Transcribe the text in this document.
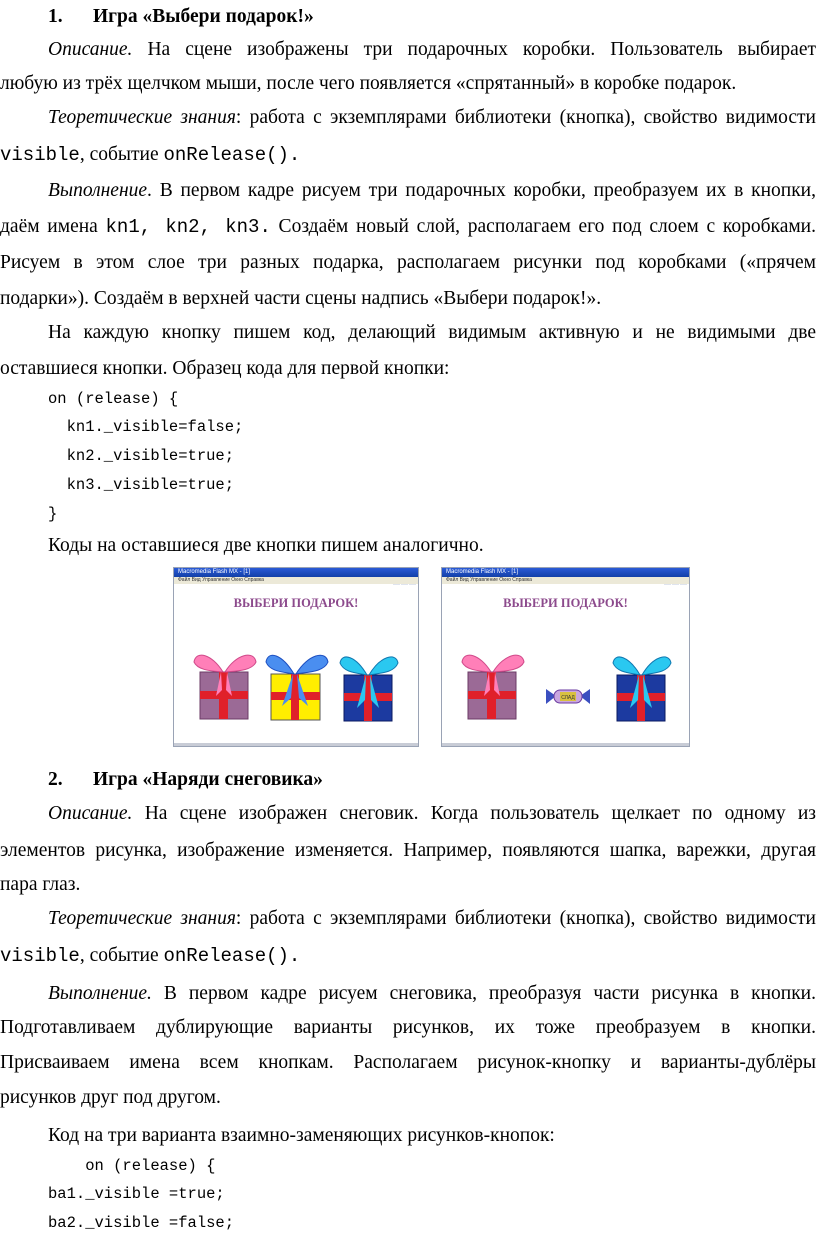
1. Игра «Выбери подарок!»
Описание. На сцене изображены три подарочных коробки. Пользователь выбирает
любую из трёх щелчком мыши, после чего появляется «спрятанный» в коробке подарок.
Теоретические знания: работа с экземплярами библиотеки (кнопка), свойство видимости
visible, событие onRelease().
Выполнение. В первом кадре рисуем три подарочных коробки, преобразуем их в кнопки,
даём имена kn1, kn2, kn3. Создаём новый слой, располагаем его под слоем с коробками.
Рисуем в этом слое три разных подарка, располагаем рисунки под коробками («прячем
подарки»). Создаём в верхней части сцены надпись «Выбери подарок!».
На каждую кнопку пишем код, делающий видимым активную и не видимыми две
оставшиеся кнопки. Образец кода для первой кнопки:
on (release) {
kn1._visible=false;
kn2._visible=true;
kn3._visible=true;
}
Коды на оставшиеся две кнопки пишем аналогично.
Macromedia Flash MX - [1]
Файл Вид Управление Окно Справка
ВЫБЕРИ ПОДАРОК!
Macromedia Flash MX - [1]
Файл Вид Управление Окно Справка
ВЫБЕРИ ПОДАРОК!
СЛАД
2. Игра «Наряди снеговика»
Описание. На сцене изображен снеговик. Когда пользователь щелкает по одному из
элементов рисунка, изображение изменяется. Например, появляются шапка, варежки, другая
пара глаз.
Теоретические знания: работа с экземплярами библиотеки (кнопка), свойство видимости
visible, событие onRelease().
Выполнение. В первом кадре рисуем снеговика, преобразуя части рисунка в кнопки.
Подготавливаем дублирующие варианты рисунков, их тоже преобразуем в кнопки.
Присваиваем имена всем кнопкам. Располагаем рисунок-кнопку и варианты-дублёры
рисунков друг под другом.
Код на три варианта взаимно-заменяющих рисунков-кнопок:
on (release) {
ba1._visible =true;
ba2._visible =false;
